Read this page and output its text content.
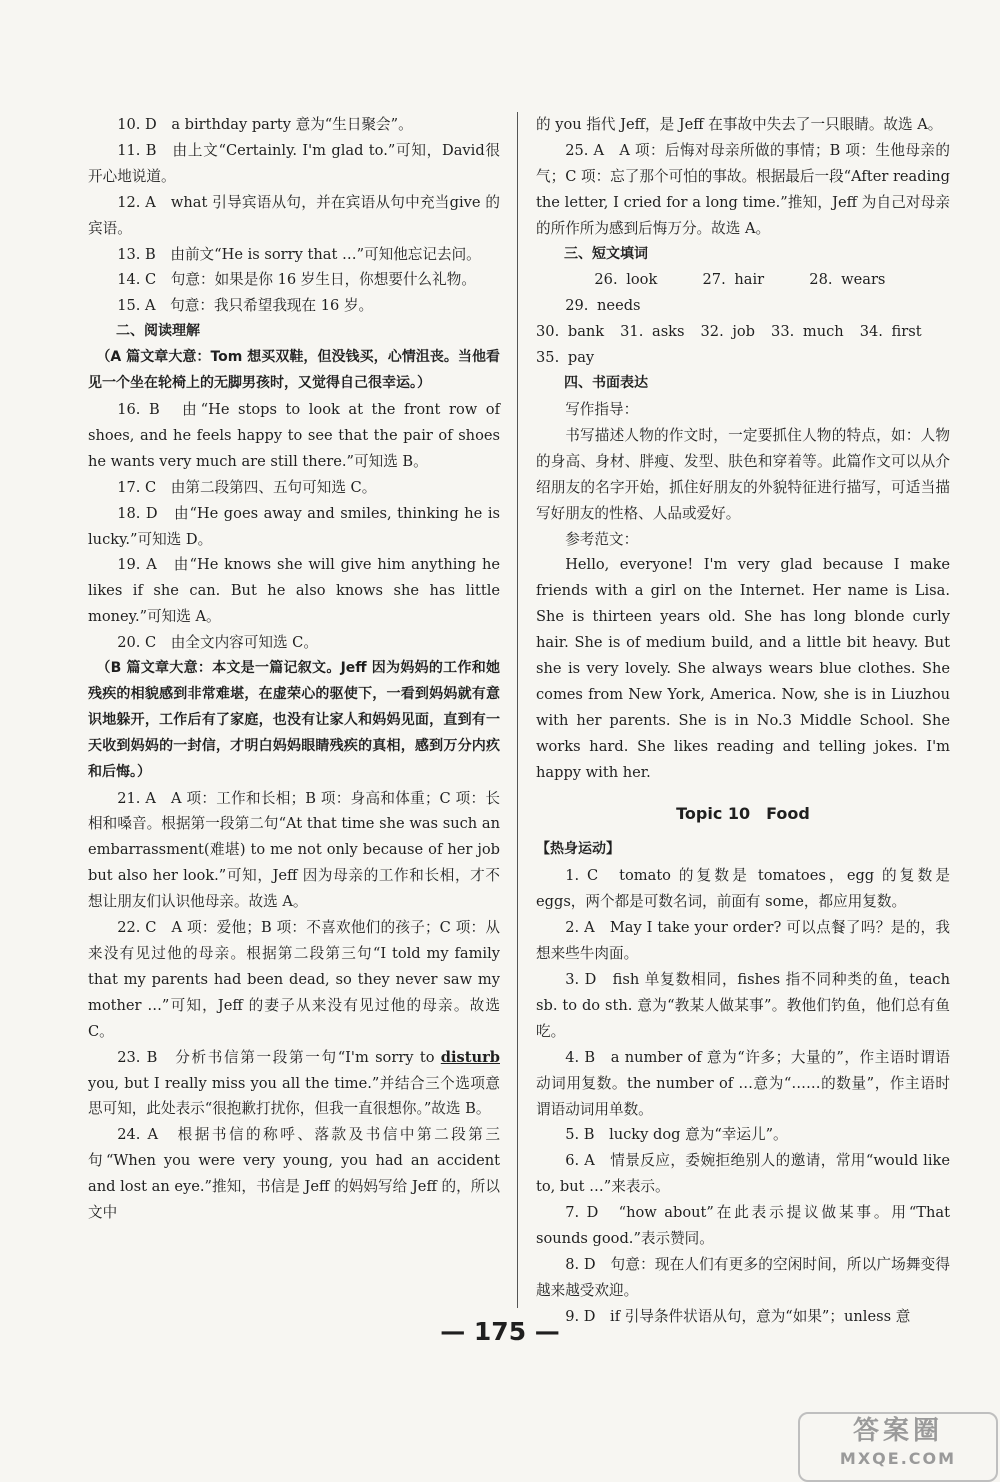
10. D　a birthday party 意为“生日聚会”。

11. B　由上文“Certainly. I'm glad to.”可知，David很开心地说道。

12. A　what 引导宾语从句，并在宾语从句中充当give 的宾语。

13. B　由前文“He is sorry that …”可知他忘记去问。

14. C　句意：如果是你 16 岁生日，你想要什么礼物。

15. A　句意：我只希望我现在 16 岁。

二、阅读理解

（A 篇文章大意：Tom 想买双鞋，但没钱买，心情沮丧。当他看见一个坐在轮椅上的无脚男孩时，又觉得自己很幸运。）

16. B　由“He stops to look at the front row of shoes, and he feels happy to see that the pair of shoes he wants very much are still there.”可知选 B。

17. C　由第二段第四、五句可知选 C。

18. D　由“He goes away and smiles, thinking he is lucky.”可知选 D。

19. A　由“He knows she will give him anything he likes if she can. But he also knows she has little money.”可知选 A。

20. C　由全文内容可知选 C。

（B 篇文章大意：本文是一篇记叙文。Jeff 因为妈妈的工作和她残疾的相貌感到非常难堪，在虚荣心的驱使下，一看到妈妈就有意识地躲开，工作后有了家庭，也没有让家人和妈妈见面，直到有一天收到妈妈的一封信，才明白妈妈眼睛残疾的真相，感到万分内疚和后悔。）

21. A　A 项：工作和长相；B 项：身高和体重；C 项：长相和嗓音。根据第一段第二句“At that time she was such an embarrassment(难堪) to me not only because of her job but also her look.”可知，Jeff 因为母亲的工作和长相，才不想让朋友们认识他母亲。故选 A。

22. C　A 项：爱他；B 项：不喜欢他们的孩子；C 项：从来没有见过他的母亲。根据第二段第三句“I told my family that my parents had been dead, so they never saw my mother …”可知，Jeff 的妻子从来没有见过他的母亲。故选 C。

23. B　分析书信第一段第一句“I'm sorry to disturb you, but I really miss you all the time.”并结合三个选项意思可知，此处表示“很抱歉打扰你，但我一直很想你。”故选 B。

24. A　根据书信的称呼、落款及书信中第二段第三句“When you were very young, you had an accident and lost an eye.”推知，书信是 Jeff 的妈妈写给 Jeff 的，所以文中

的 you 指代 Jeff，是 Jeff 在事故中失去了一只眼睛。故选 A。

25. A　A 项：后悔对母亲所做的事情；B 项：生他母亲的气；C 项：忘了那个可怕的事故。根据最后一段“After reading the letter, I cried for a long time.”推知，Jeff 为自己对母亲的所作所为感到后悔万分。故选 A。

三、短文填词

26. look	27. hair	28. wears29. needs

30. bank 31. asks 32. job 33. much 34. first

35. pay

四、书面表达

写作指导：

书写描述人物的作文时，一定要抓住人物的特点，如：人物的身高、身材、胖瘦、发型、肤色和穿着等。此篇作文可以从介绍朋友的名字开始，抓住好朋友的外貌特征进行描写，可适当描写好朋友的性格、人品或爱好。

参考范文：

Hello, everyone! I'm very glad because I make friends with a girl on the Internet. Her name is Lisa. She is thirteen years old. She has long blonde curly hair. She is of medium build, and a little bit heavy. But she is very lovely. She always wears blue clothes. She comes from New York, America. Now, she is in Liuzhou with her parents. She is in No.3 Middle School. She works hard. She likes reading and telling jokes. I'm happy with her.

Topic 10　Food

【热身运动】

1. C　tomato 的复数是 tomatoes，egg 的复数是 eggs，两个都是可数名词，前面有 some，都应用复数。

2. A　May I take your order? 可以点餐了吗？是的，我想来些牛肉面。

3. D　fish 单复数相同，fishes 指不同种类的鱼，teach sb. to do sth. 意为“教某人做某事”。教他们钓鱼，他们总有鱼吃。

4. B　a number of 意为“许多；大量的”，作主语时谓语动词用复数。the number of …意为“……的数量”，作主语时谓语动词用单数。

5. B　lucky dog 意为“幸运儿”。

6. A　情景反应，委婉拒绝别人的邀请，常用“would like to, but …”来表示。

7. D　“how about”在此表示提议做某事。用“That sounds good.”表示赞同。

8. D　句意：现在人们有更多的空闲时间，所以广场舞变得越来越受欢迎。

9. D　if 引导条件状语从句，意为“如果”；unless 意

— 175 —
答案圈
MXQE.COM
